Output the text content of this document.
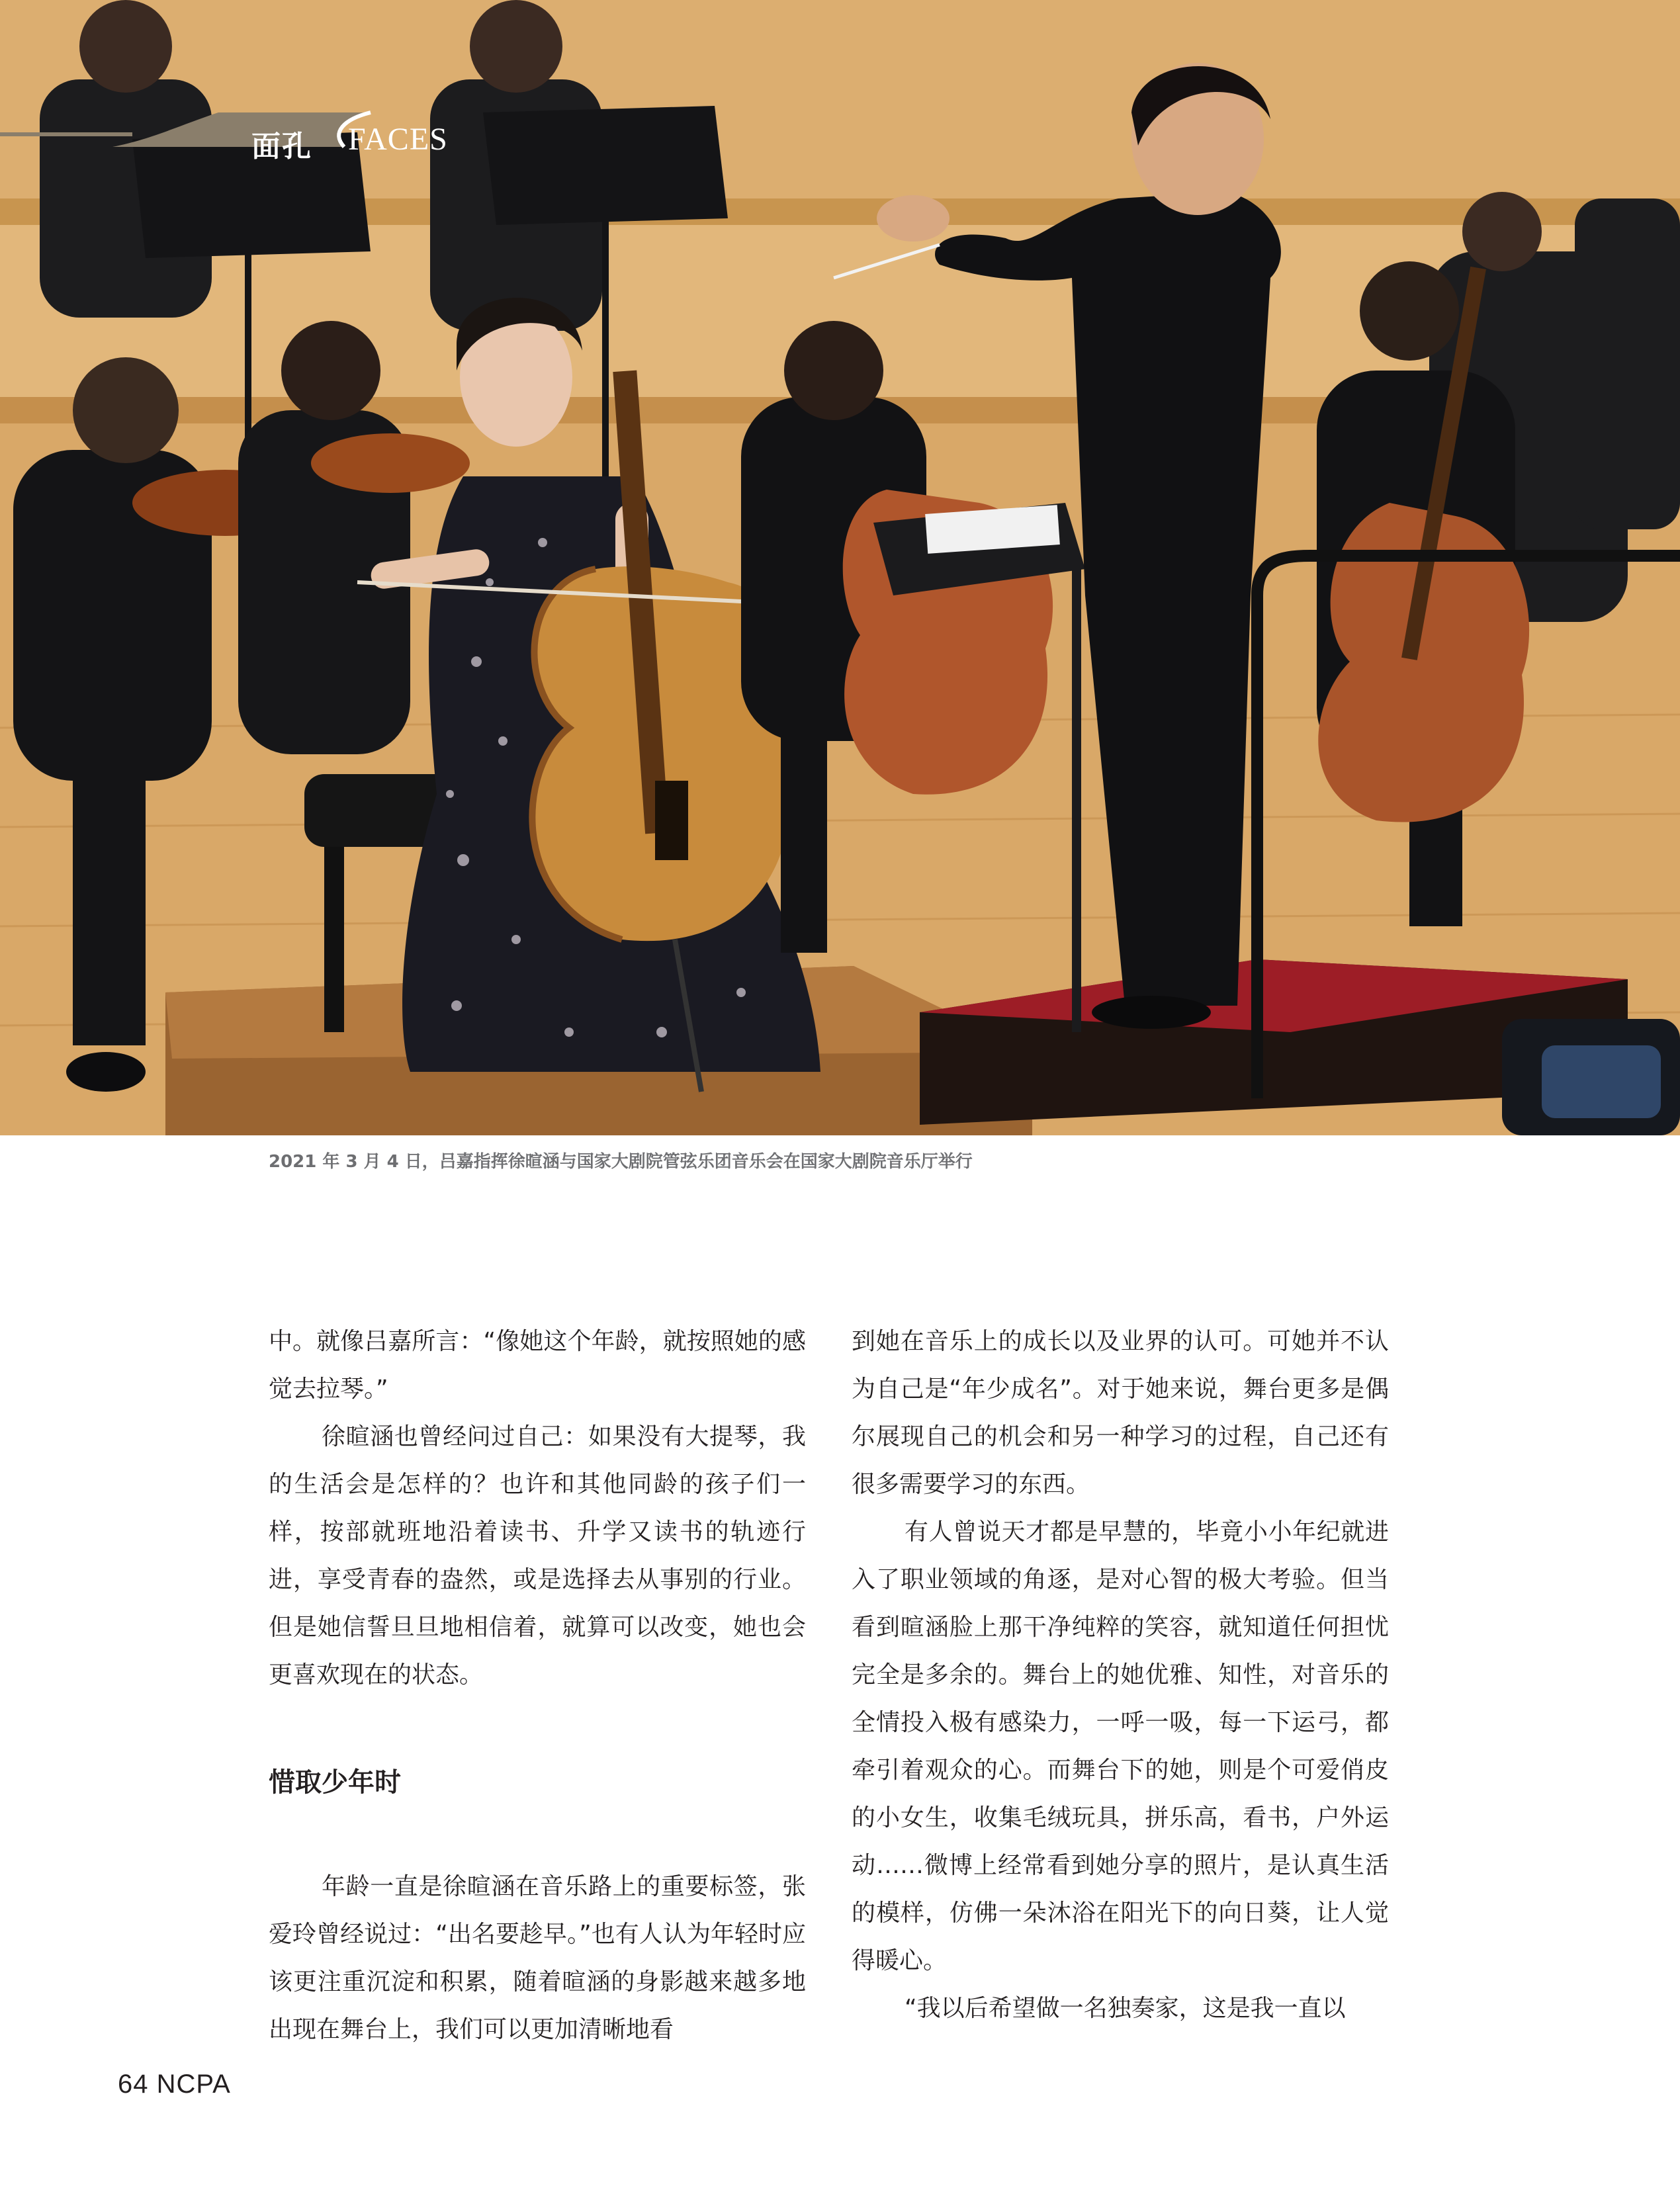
面孔 FACES
2021 年 3 月 4 日，吕嘉指挥徐暄涵与国家大剧院管弦乐团音乐会在国家大剧院音乐厅举行

中。就像吕嘉所言：“像她这个年龄，就按照她的感觉去拉琴。”

徐暄涵也曾经问过自己：如果没有大提琴，我的生活会是怎样的？也许和其他同龄的孩子们一样，按部就班地沿着读书、升学又读书的轨迹行进，享受青春的盎然，或是选择去从事别的行业。但是她信誓旦旦地相信着，就算可以改变，她也会更喜欢现在的状态。

惜取少年时

年龄一直是徐暄涵在音乐路上的重要标签，张爱玲曾经说过：“出名要趁早。”也有人认为年轻时应该更注重沉淀和积累，随着暄涵的身影越来越多地出现在舞台上，我们可以更加清晰地看

到她在音乐上的成长以及业界的认可。可她并不认为自己是“年少成名”。对于她来说，舞台更多是偶尔展现自己的机会和另一种学习的过程，自己还有很多需要学习的东西。

有人曾说天才都是早慧的，毕竟小小年纪就进入了职业领域的角逐，是对心智的极大考验。但当看到暄涵脸上那干净纯粹的笑容，就知道任何担忧完全是多余的。舞台上的她优雅、知性，对音乐的全情投入极有感染力，一呼一吸，每一下运弓，都牵引着观众的心。而舞台下的她，则是个可爱俏皮的小女生，收集毛绒玩具，拼乐高，看书，户外运动……微博上经常看到她分享的照片，是认真生活的模样，仿佛一朵沐浴在阳光下的向日葵，让人觉得暖心。

“我以后希望做一名独奏家，这是我一直以

64 NCPA
